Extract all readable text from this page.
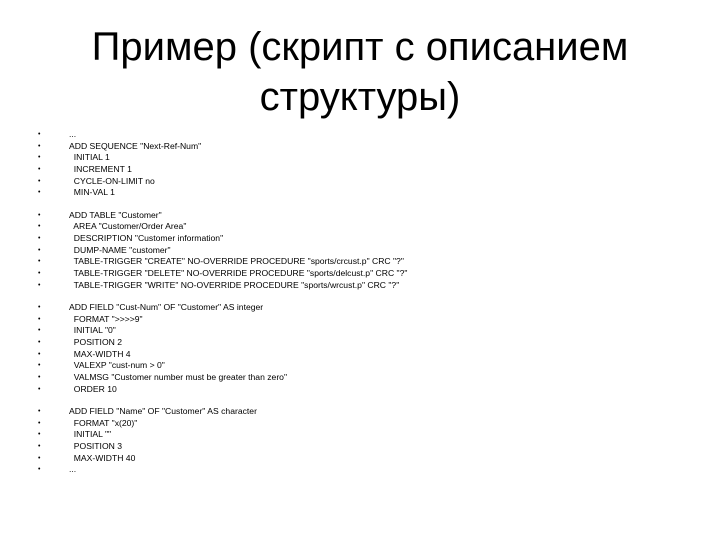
Пример (скрипт с описанием
структуры)
•	...
•	ADD SEQUENCE "Next-Ref-Num"
•	INITIAL 1
•	INCREMENT 1
•	CYCLE-ON-LIMIT no
•	MIN-VAL 1
•	ADD TABLE "Customer"
•	AREA "Customer/Order Area"
•	DESCRIPTION "Customer information"
•	DUMP-NAME "customer"
•	TABLE-TRIGGER "CREATE" NO-OVERRIDE PROCEDURE "sports/crcust.p" CRC "?"
•	TABLE-TRIGGER "DELETE" NO-OVERRIDE PROCEDURE "sports/delcust.p" CRC "?"
•	TABLE-TRIGGER "WRITE" NO-OVERRIDE PROCEDURE "sports/wrcust.p" CRC "?"
•	ADD FIELD "Cust-Num" OF "Customer" AS integer
•	FORMAT ">>>>9"
•	INITIAL "0"
•	POSITION 2
•	MAX-WIDTH 4
•	VALEXP "cust-num > 0"
•	VALMSG "Customer number must be greater than zero"
•	ORDER 10
•	ADD FIELD "Name" OF "Customer" AS character
•	FORMAT "x(20)"
•	INITIAL ""
•	POSITION 3
•	MAX-WIDTH 40
•	...
